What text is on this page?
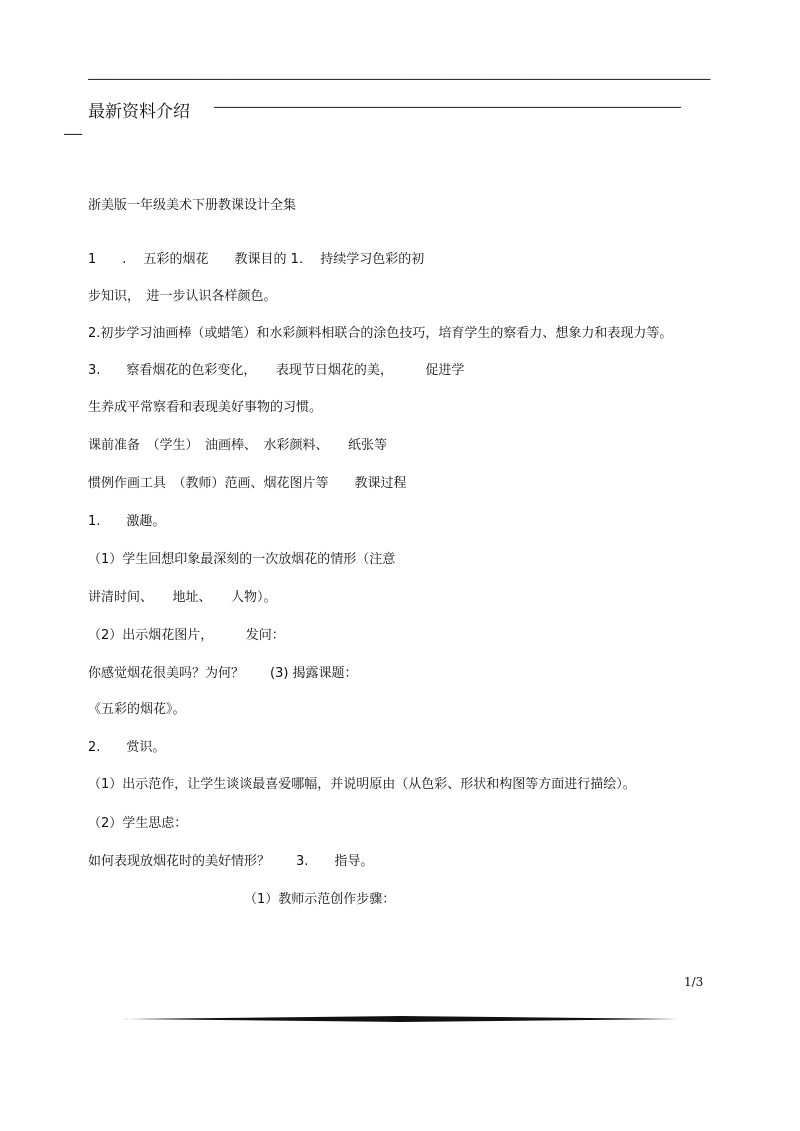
————————————————————————————————————————————————————————————————————————
最新资料介绍 ——————————————————————————————————————————————————————
——
浙美版一年级美术下册教课设计全集
1　　.　 五彩的烟花　　教课目的 1.　 持续学习色彩的初
步知识，　进一步认识各样颜色。
2.初步学习油画棒（或蜡笔）和水彩颜料相联合的涂色技巧，培育学生的察看力、想象力和表现力等。
3.　　察看烟花的色彩变化，　　表现节日烟花的美，　　　促进学
生养成平常察看和表现美好事物的习惯。
课前准备　（学生）　油画棒、　水彩颜料、　　纸张等
惯例作画工具　（教师）范画、烟花图片等　　教课过程
1.　　激趣。
（1）学生回想印象最深刻的一次放烟花的情形（注意
讲清时间、　　地址、　　人物）。
（2）出示烟花图片，　　　发问：
你感觉烟花很美吗？为何？　　(3) 揭露课题：
《五彩的烟花》。
2.　　赏识。
（1）出示范作，让学生谈谈最喜爱哪幅，并说明原由（从色彩、形状和构图等方面进行描绘）。
（2）学生思虑：
如何表现放烟花时的美好情形？　　3.　　指导。
（1）教师示范创作步骤：
1/3
